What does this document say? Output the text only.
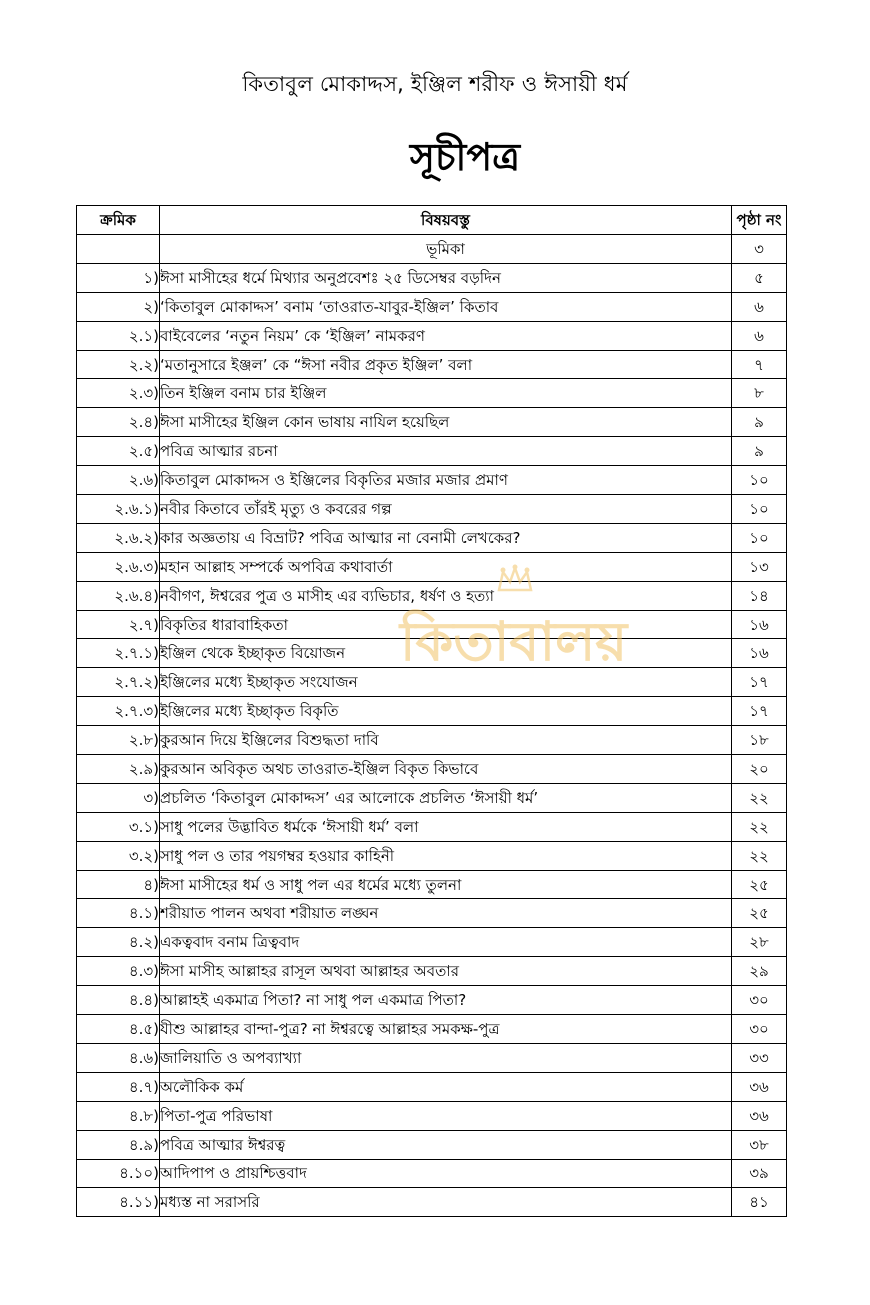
কিতাবুল মোকাদ্দস, ইঞ্জিল শরীফ ও ঈসায়ী ধর্ম
সূচীপত্র
ক্রমিক	বিষয়বস্তু	পৃষ্ঠা নং
	ভূমিকা	৩
১)	ঈসা মাসীহের ধর্মে মিথ্যার অনুপ্রবেশঃ ২৫ ডিসেম্বর বড়দিন	৫
২)	‘কিতাবুল মোকাদ্দস’ বনাম ‘তাওরাত-যাবুর-ইঞ্জিল’ কিতাব	৬
২.১)	বাইবেলের ‘নতুন নিয়ম’ কে ‘ইঞ্জিল’ নামকরণ	৬
২.২)	‘মতানুসারে ইঞ্জল’ কে “ঈসা নবীর প্রকৃত ইঞ্জিল’ বলা	৭
২.৩)	তিন ইঞ্জিল বনাম চার ইঞ্জিল	৮
২.৪)	ঈসা মাসীহের ইঞ্জিল কোন ভাষায় নাযিল হয়েছিল	৯
২.৫)	পবিত্র আত্মার রচনা	৯
২.৬)	কিতাবুল মোকাদ্দস ও ইঞ্জিলের বিকৃতির মজার মজার প্রমাণ	১০
২.৬.১)	নবীর কিতাবে তাঁরই মৃত্যু ও কবরের গল্প	১০
২.৬.২)	কার অজ্ঞতায় এ বিভ্রাট? পবিত্র আত্মার না বেনামী লেখকের?	১০
২.৬.৩)	মহান আল্লাহ সম্পর্কে অপবিত্র কথাবার্তা	১৩
২.৬.৪)	নবীগণ, ঈশ্বরের পুত্র ও মাসীহ এর ব্যভিচার, ধর্ষণ ও হত্যা	১৪
২.৭)	বিকৃতির ধারাবাহিকতা	১৬
২.৭.১)	ইঞ্জিল থেকে ইচ্ছাকৃত বিয়োজন	১৬
২.৭.২)	ইঞ্জিলের মধ্যে ইচ্ছাকৃত সংযোজন	১৭
২.৭.৩)	ইঞ্জিলের মধ্যে ইচ্ছাকৃত বিকৃতি	১৭
২.৮)	কুরআন দিয়ে ইঞ্জিলের বিশুদ্ধতা দাবি	১৮
২.৯)	কুরআন অবিকৃত অথচ তাওরাত-ইঞ্জিল বিকৃত কিভাবে	২০
৩)	প্রচলিত ‘কিতাবুল মোকাদ্দস’ এর আলোকে প্রচলিত ‘ঈসায়ী ধর্ম’	২২
৩.১)	সাধু পলের উদ্ভাবিত ধর্মকে ‘ঈসায়ী ধর্ম’ বলা	২২
৩.২)	সাধু পল ও তার পয়গম্বর হওয়ার কাহিনী	২২
৪)	ঈসা মাসীহের ধর্ম ও সাধু পল এর ধর্মের মধ্যে তুলনা	২৫
৪.১)	শরীয়াত পালন অথবা শরীয়াত লঙ্ঘন	২৫
৪.২)	একত্ববাদ বনাম ত্রিত্ববাদ	২৮
৪.৩)	ঈসা মাসীহ আল্লাহর রাসূল অথবা আল্লাহর অবতার	২৯
৪.৪)	আল্লাহই একমাত্র পিতা? না সাধু পল একমাত্র পিতা?	৩০
৪.৫)	যীশু আল্লাহর বান্দা-পুত্র? না ঈশ্বরত্বে আল্লাহর সমকক্ষ-পুত্র	৩০
৪.৬)	জালিয়াতি ও অপব্যাখ্যা	৩৩
৪.৭)	অলৌকিক কর্ম	৩৬
৪.৮)	পিতা-পুত্র পরিভাষা	৩৬
৪.৯)	পবিত্র আত্মার ঈশ্বরত্ব	৩৮
৪.১০)	আদিপাপ ও প্রায়শ্চিত্তবাদ	৩৯
৪.১১)	মধ্যস্ত না সরাসরি	৪১
কিতাবালয়
